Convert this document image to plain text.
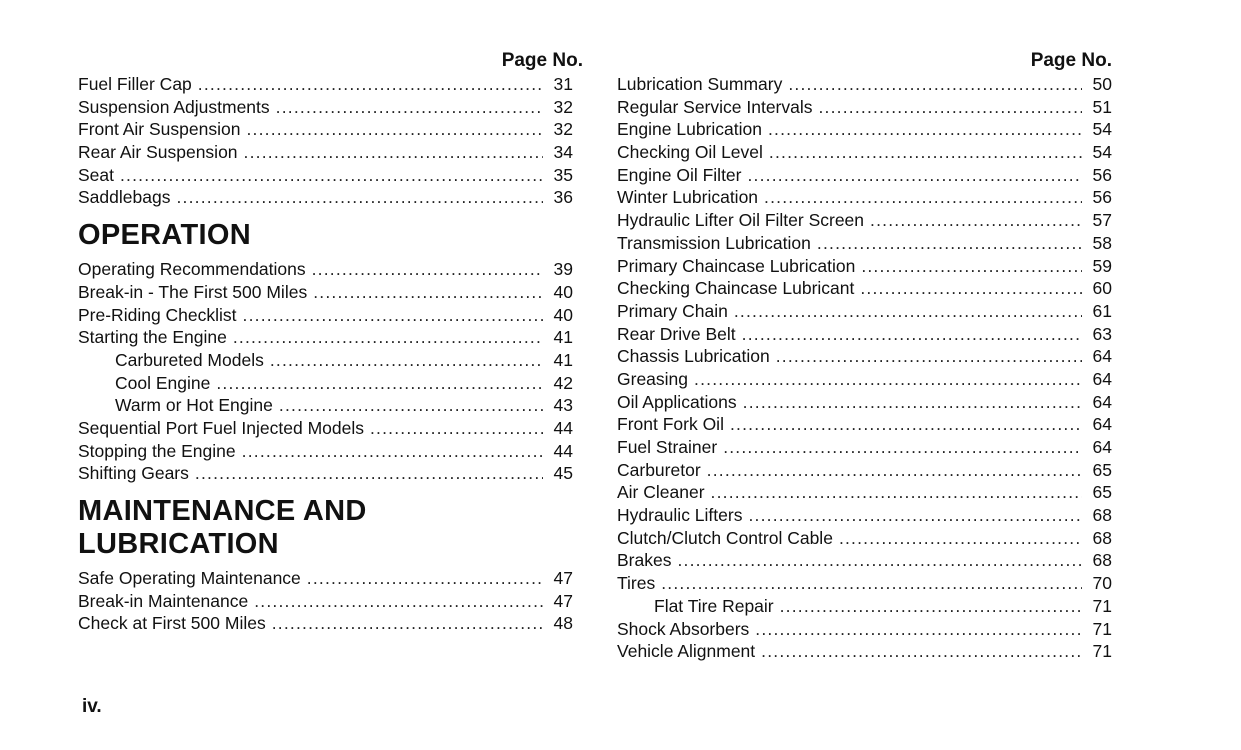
Page No.
Fuel Filler Cap .....	31
Suspension Adjustments .....	32
Front Air Suspension .....	32
Rear Air Suspension .....	34
Seat .....	35
Saddlebags .....	36
OPERATION
Operating Recommendations .....	39
Break-in - The First 500 Miles .....	40
Pre-Riding Checklist .....	40
Starting the Engine .....	41
Carbureted Models .....	41
Cool Engine .....	42
Warm or Hot Engine .....	43
Sequential Port Fuel Injected Models .....	44
Stopping the Engine .....	44
Shifting Gears .....	45
MAINTENANCE AND
LUBRICATION
Safe Operating Maintenance .....	47
Break-in Maintenance .....	47
Check at First 500 Miles .....	48
Page No.
Lubrication Summary .....	50
Regular Service Intervals .....	51
Engine Lubrication .....	54
Checking Oil Level .....	54
Engine Oil Filter .....	56
Winter Lubrication .....	56
Hydraulic Lifter Oil Filter Screen .....	57
Transmission Lubrication .....	58
Primary Chaincase Lubrication .....	59
Checking Chaincase Lubricant .....	60
Primary Chain .....	61
Rear Drive Belt .....	63
Chassis Lubrication .....	64
Greasing .....	64
Oil Applications .....	64
Front Fork Oil .....	64
Fuel Strainer .....	64
Carburetor .....	65
Air Cleaner .....	65
Hydraulic Lifters .....	68
Clutch/Clutch Control Cable .....	68
Brakes .....	68
Tires .....	70
Flat Tire Repair .....	71
Shock Absorbers .....	71
Vehicle Alignment .....	71
iv.
